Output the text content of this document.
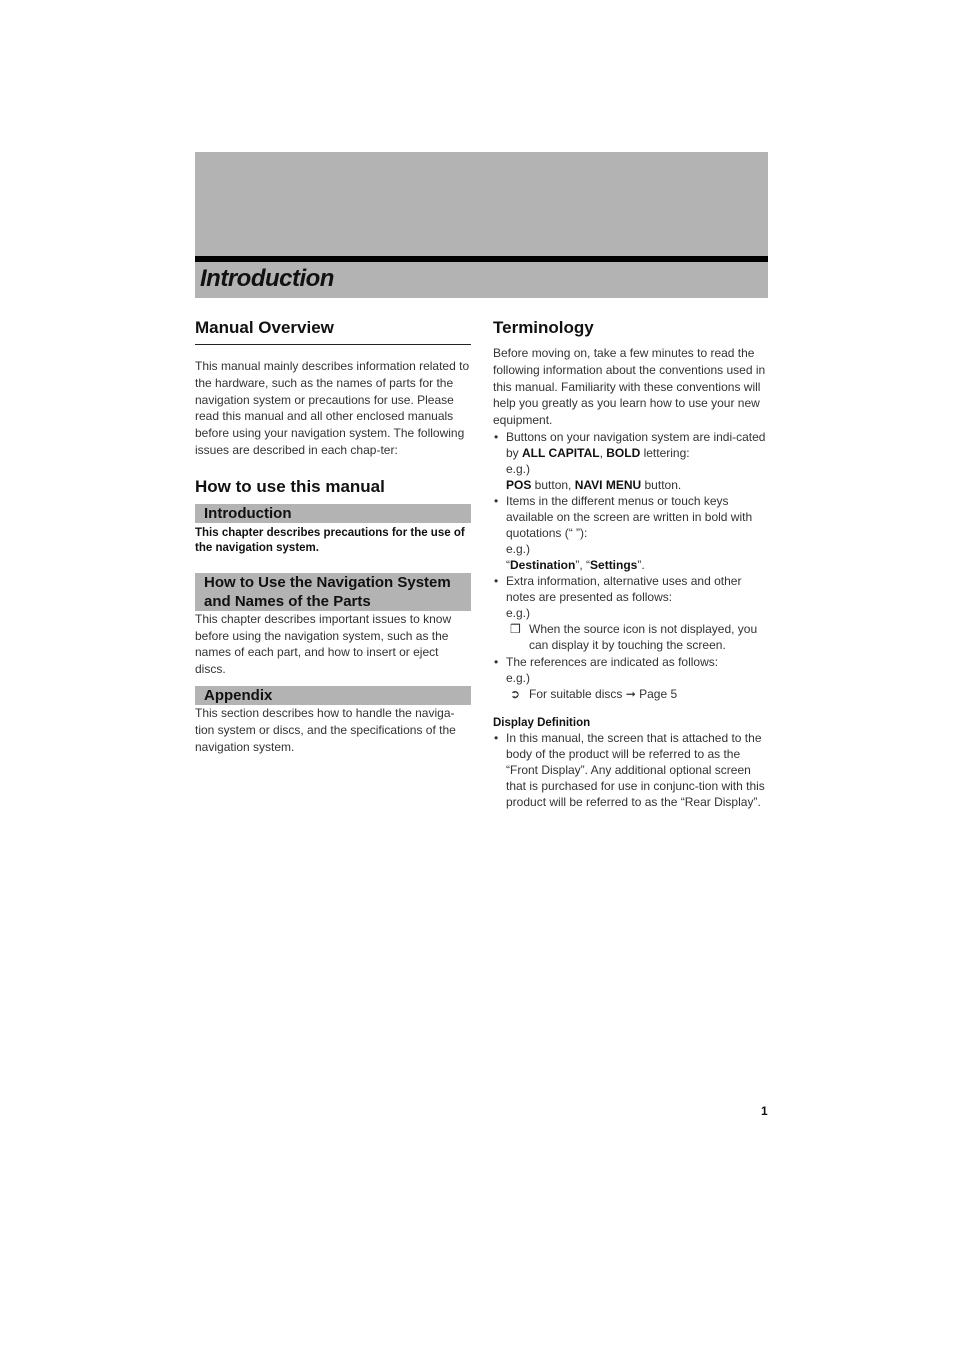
Introduction
Manual Overview

This manual mainly describes information related to the hardware, such as the names of parts for the navigation system or precautions for use. Please read this manual and all other enclosed manuals before using your navigation system. The following issues are described in each chap-ter:

How to use this manual
Introduction
This chapter describes precautions for the use of the navigation system.
How to Use the Navigation System
and Names of the Parts

This chapter describes important issues to know before using the navigation system, such as the names of each part, and how to insert or eject discs.

Appendix

This section describes how to handle the naviga-tion system or discs, and the specifications of the navigation system.

Terminology

Before moving on, take a few minutes to read the following information about the conventions used in this manual. Familiarity with these conventions will help you greatly as you learn how to use your new equipment.

• Buttons on your navigation system are indi-cated by ALL CAPITAL, BOLD lettering:
e.g.)
POS button, NAVI MENU button.
• Items in the different menus or touch keys available on the screen are written in bold with quotations (“ ”):
e.g.)
“Destination”, “Settings”.
• Extra information, alternative uses and other notes are presented as follows:
e.g.)
❒ When the source icon is not displayed, you can display it by touching the screen.
• The references are indicated as follows:
e.g.)
➲ For suitable discs ➞ Page 5
Display Definition
• In this manual, the screen that is attached to the body of the product will be referred to as the “Front Display”. Any additional optional screen that is purchased for use in conjunc-tion with this product will be referred to as the “Rear Display”.
1
